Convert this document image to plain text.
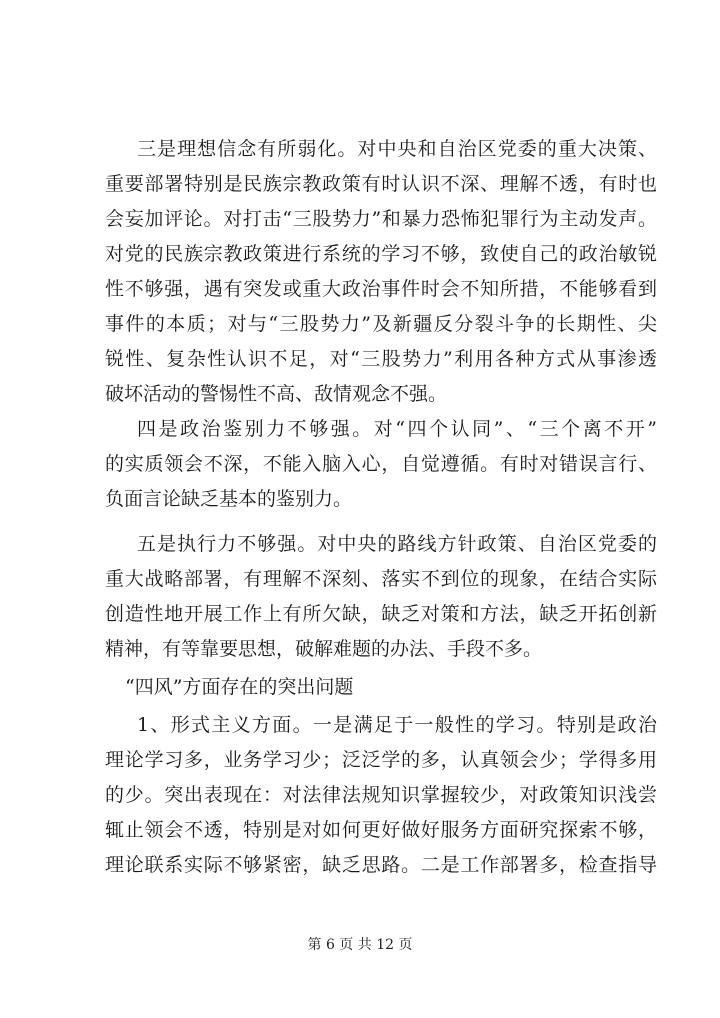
三是理想信念有所弱化。对中央和自治区党委的重大决策、
重要部署特别是民族宗教政策有时认识不深、理解不透，有时也
会妄加评论。对打击“三股势力”和暴力恐怖犯罪行为主动发声。
对党的民族宗教政策进行系统的学习不够，致使自己的政治敏锐
性不够强，遇有突发或重大政治事件时会不知所措，不能够看到
事件的本质；对与“三股势力”及新疆反分裂斗争的长期性、尖
锐性、复杂性认识不足，对“三股势力”利用各种方式从事渗透
破坏活动的警惕性不高、敌情观念不强。
四是政治鉴别力不够强。对“四个认同”、“三个离不开”
的实质领会不深，不能入脑入心，自觉遵循。有时对错误言行、
负面言论缺乏基本的鉴别力。
五是执行力不够强。对中央的路线方针政策、自治区党委的
重大战略部署，有理解不深刻、落实不到位的现象，在结合实际
创造性地开展工作上有所欠缺，缺乏对策和方法，缺乏开拓创新
精神，有等靠要思想，破解难题的办法、手段不多。
“四风”方面存在的突出问题
1、形式主义方面。一是满足于一般性的学习。特别是政治
理论学习多，业务学习少；泛泛学的多，认真领会少；学得多用
的少。突出表现在：对法律法规知识掌握较少，对政策知识浅尝
辄止领会不透，特别是对如何更好做好服务方面研究探索不够，
理论联系实际不够紧密，缺乏思路。二是工作部署多，检查指导
第 6 页 共 12 页
